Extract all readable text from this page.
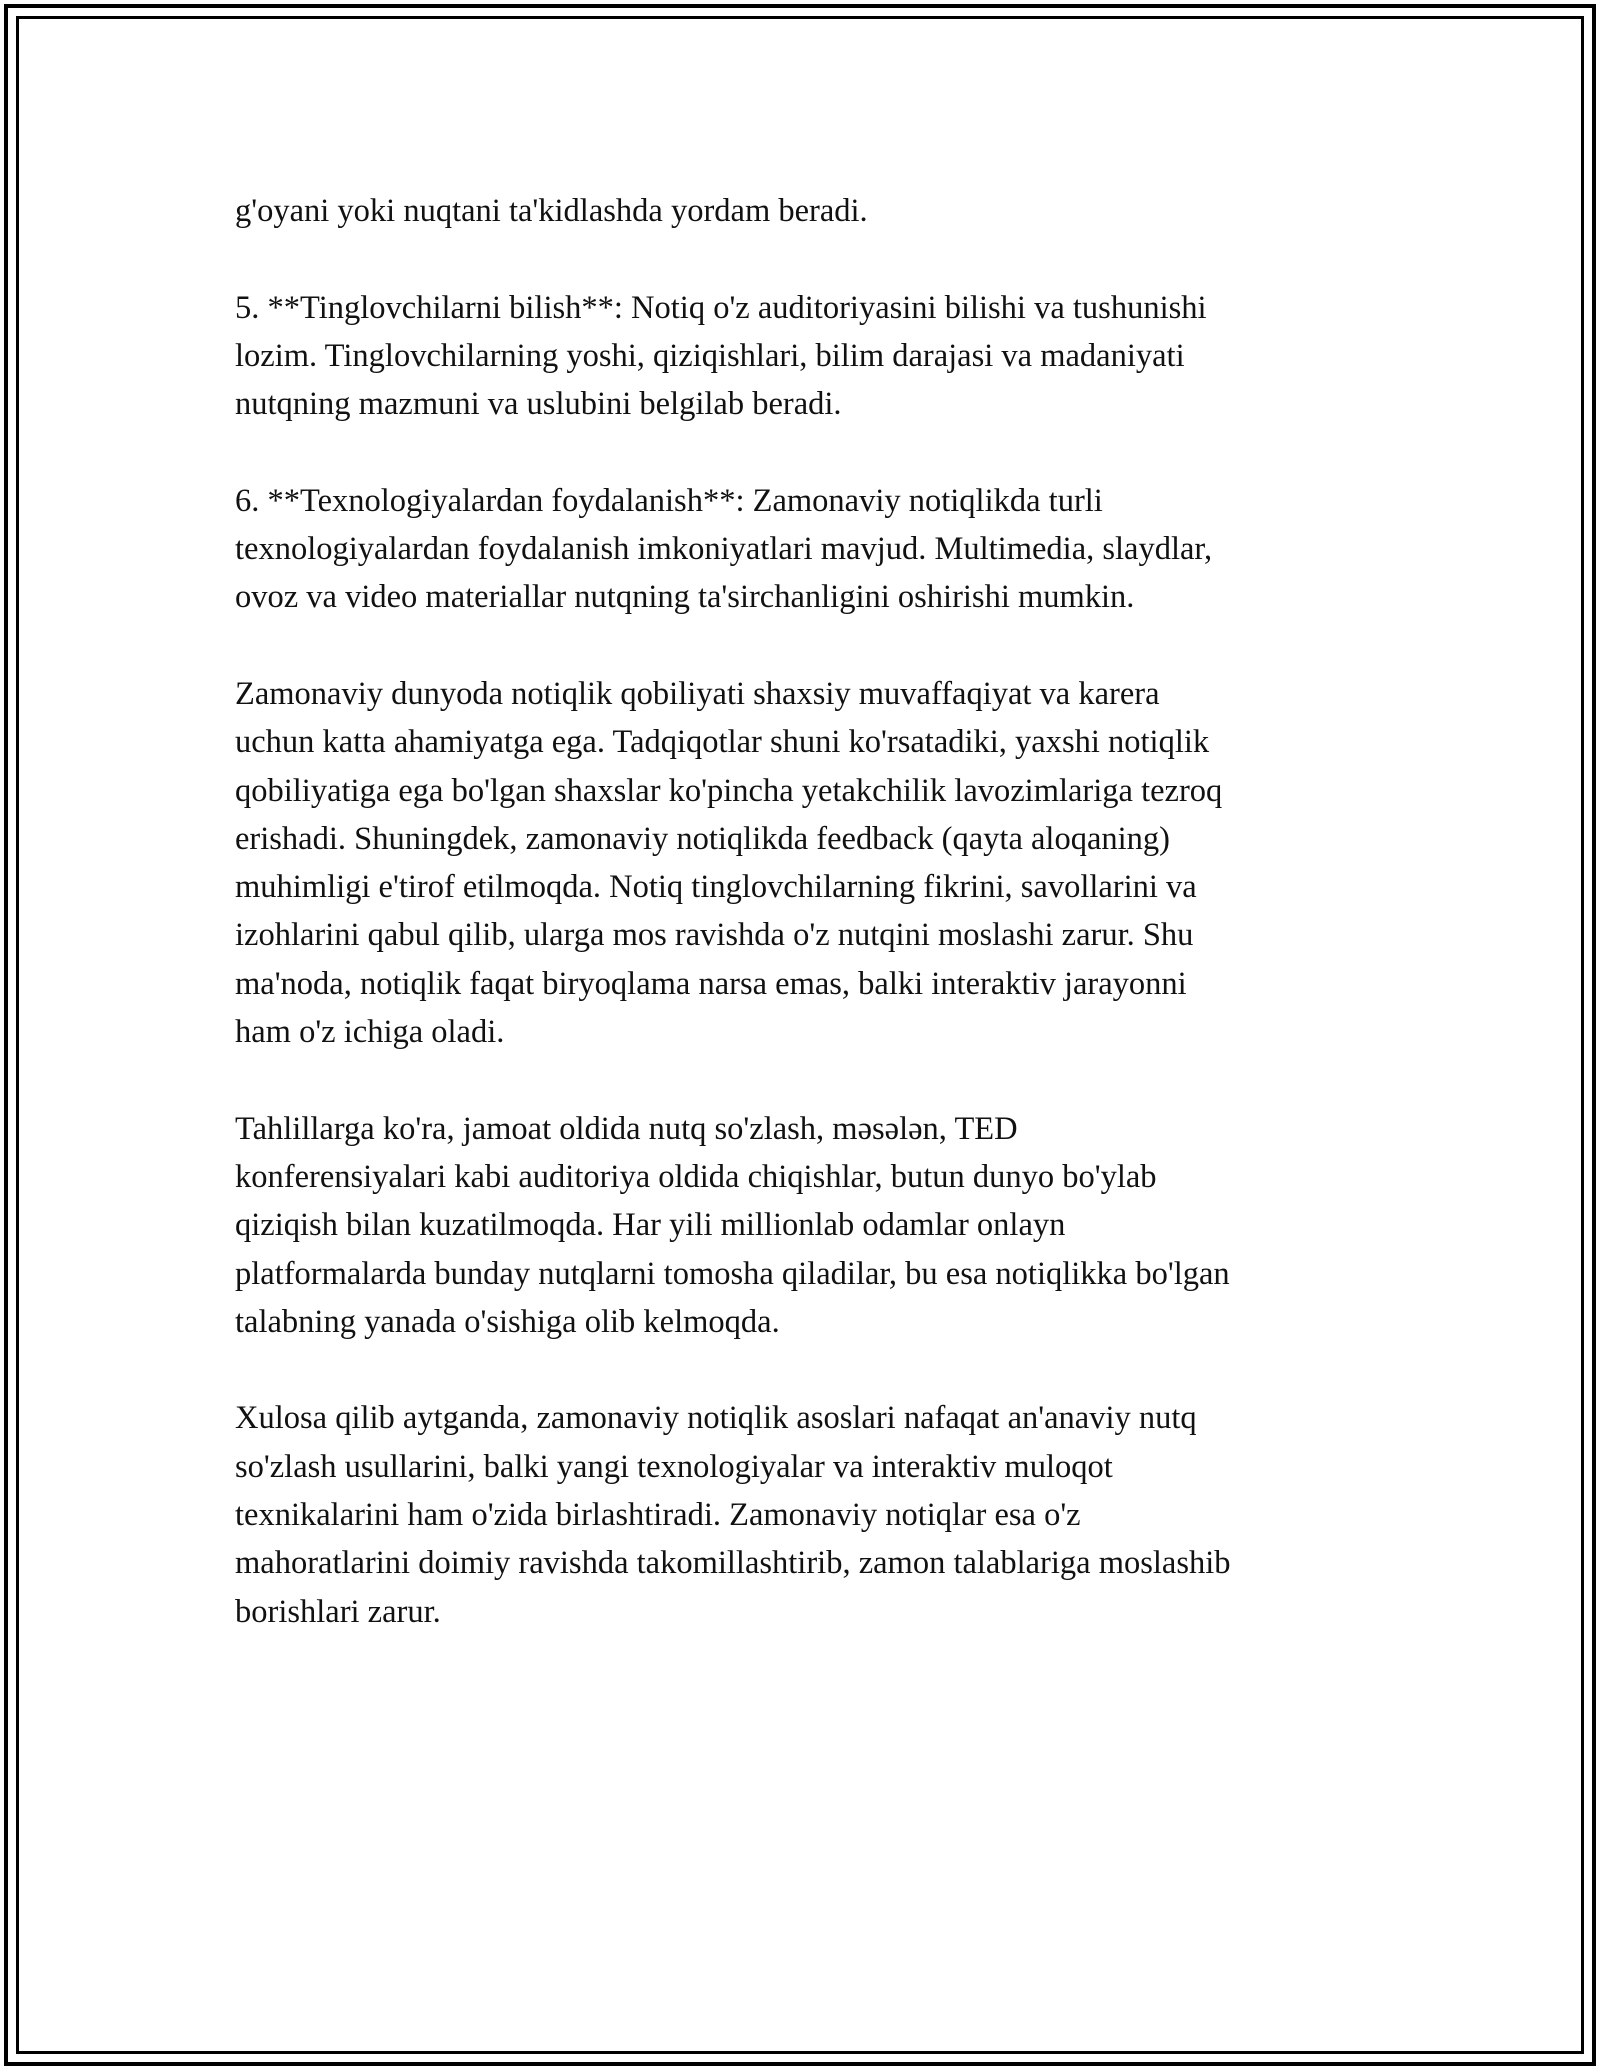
g'oyani yoki nuqtani ta'kidlashda yordam beradi.

5. **Tinglovchilarni bilish**: Notiq o'z auditoriyasini bilishi va tushunishi
lozim. Tinglovchilarning yoshi, qiziqishlari, bilim darajasi va madaniyati
nutqning mazmuni va uslubini belgilab beradi.

6. **Texnologiyalardan foydalanish**: Zamonaviy notiqlikda turli
texnologiyalardan foydalanish imkoniyatlari mavjud. Multimedia, slaydlar,
ovoz va video materiallar nutqning ta'sirchanligini oshirishi mumkin.

Zamonaviy dunyoda notiqlik qobiliyati shaxsiy muvaffaqiyat va karera
uchun katta ahamiyatga ega. Tadqiqotlar shuni ko'rsatadiki, yaxshi notiqlik
qobiliyatiga ega bo'lgan shaxslar ko'pincha yetakchilik lavozimlariga tezroq
erishadi. Shuningdek, zamonaviy notiqlikda feedback (qayta aloqaning)
muhimligi e'tirof etilmoqda. Notiq tinglovchilarning fikrini, savollarini va
izohlarini qabul qilib, ularga mos ravishda o'z nutqini moslashi zarur. Shu
ma'noda, notiqlik faqat biryoqlama narsa emas, balki interaktiv jarayonni
ham o'z ichiga oladi.

Tahlillarga ko'ra, jamoat oldida nutq so'zlash, məsələn, TED
konferensiyalari kabi auditoriya oldida chiqishlar, butun dunyo bo'ylab
qiziqish bilan kuzatilmoqda. Har yili millionlab odamlar onlayn
platformalarda bunday nutqlarni tomosha qiladilar, bu esa notiqlikka bo'lgan
talabning yanada o'sishiga olib kelmoqda.

Xulosa qilib aytganda, zamonaviy notiqlik asoslari nafaqat an'anaviy nutq
so'zlash usullarini, balki yangi texnologiyalar va interaktiv muloqot
texnikalarini ham o'zida birlashtiradi. Zamonaviy notiqlar esa o'z
mahoratlarini doimiy ravishda takomillashtirib, zamon talablariga moslashib
borishlari zarur.
